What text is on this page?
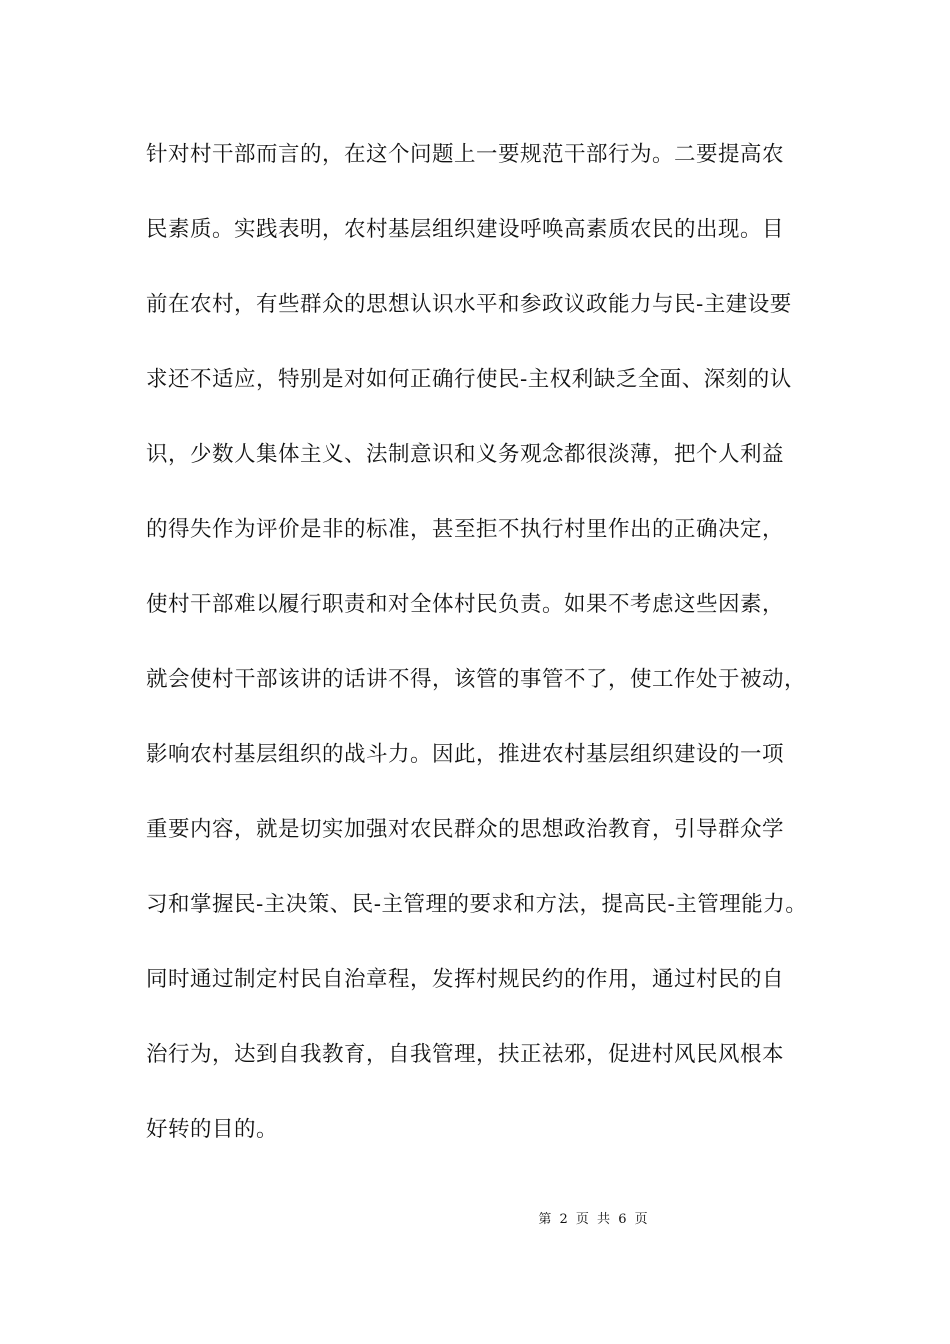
针对村干部而言的，在这个问题上一要规范干部行为。二要提高农
民素质。实践表明，农村基层组织建设呼唤高素质农民的出现。目
前在农村，有些群众的思想认识水平和参政议政能力与民-主建设要
求还不适应，特别是对如何正确行使民-主权利缺乏全面、深刻的认
识，少数人集体主义、法制意识和义务观念都很淡薄，把个人利益
的得失作为评价是非的标准，甚至拒不执行村里作出的正确决定，
使村干部难以履行职责和对全体村民负责。如果不考虑这些因素，
就会使村干部该讲的话讲不得，该管的事管不了，使工作处于被动，
影响农村基层组织的战斗力。因此，推进农村基层组织建设的一项
重要内容，就是切实加强对农民群众的思想政治教育，引导群众学
习和掌握民-主决策、民-主管理的要求和方法，提高民-主管理能力。
同时通过制定村民自治章程，发挥村规民约的作用，通过村民的自
治行为，达到自我教育，自我管理，扶正祛邪，促进村风民风根本
好转的目的。
第 2 页 共 6 页
